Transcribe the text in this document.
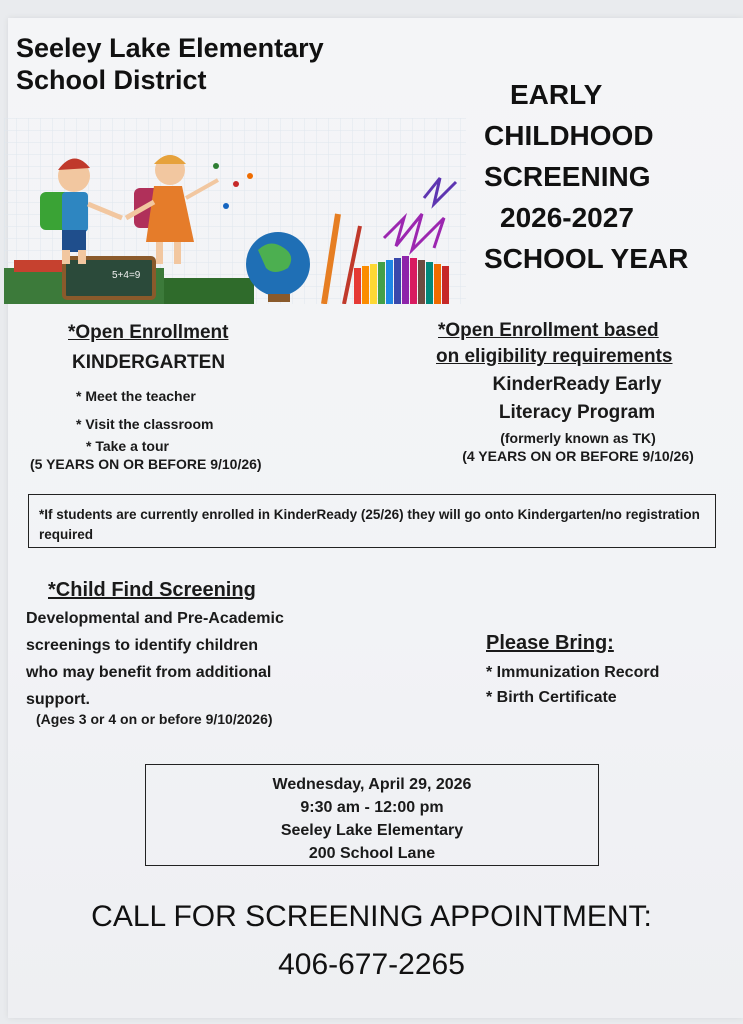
Seeley Lake Elementary
School District	EARLY
CHILDHOOD
SCREENING
2026-2027
SCHOOL YEAR
5+4=9
*Open Enrollment
KINDERGARTEN
* Meet the teacher
* Visit the classroom
* Take a tour
(5 YEARS ON OR BEFORE 9/10/26)
*Open Enrollment based
on eligibility requirements
KinderReady Early
Literacy Program
(formerly known as TK)
(4 YEARS ON OR BEFORE 9/10/26)
*If students are currently enrolled in KinderReady (25/26) they will go onto Kindergarten/no registration required
*Child Find Screening
Developmental and Pre-Academic
screenings to identify children
who may benefit from additional
support.
(Ages 3 or 4 on or before 9/10/2026)
Please Bring:
* Immunization Record
* Birth Certificate
Wednesday, April 29, 2026
9:30 am - 12:00 pm
Seeley Lake Elementary
200 School Lane
CALL FOR SCREENING APPOINTMENT:
406-677-2265
